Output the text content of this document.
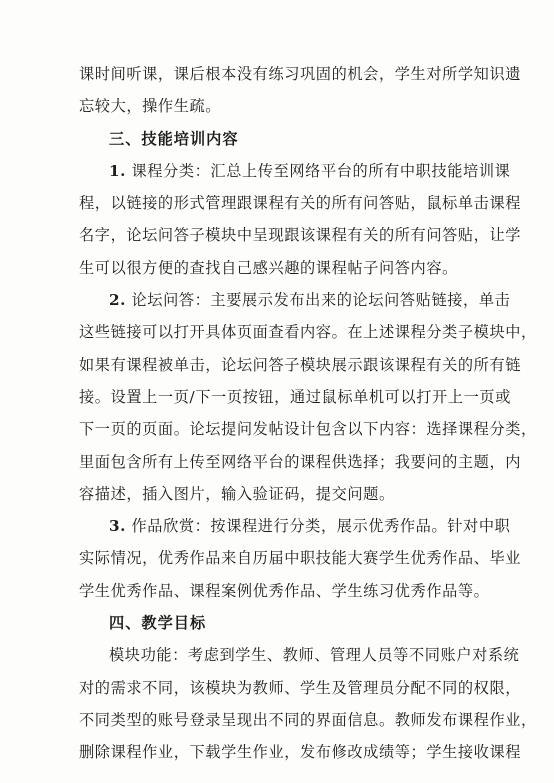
课时间听课，课后根本没有练习巩固的机会，学生对所学知识遗
忘较大，操作生疏。
三、技能培训内容
1. 课程分类：汇总上传至网络平台的所有中职技能培训课
程，以链接的形式管理跟课程有关的所有问答贴，鼠标单击课程
名字，论坛问答子模块中呈现跟该课程有关的所有问答贴，让学
生可以很方便的查找自己感兴趣的课程帖子问答内容。
2. 论坛问答：主要展示发布出来的论坛问答贴链接，单击
这些链接可以打开具体页面查看内容。在上述课程分类子模块中，
如果有课程被单击，论坛问答子模块展示跟该课程有关的所有链
接。设置上一页/下一页按钮，通过鼠标单机可以打开上一页或
下一页的页面。论坛提问发帖设计包含以下内容：选择课程分类，
里面包含所有上传至网络平台的课程供选择；我要问的主题，内
容描述，插入图片，输入验证码，提交问题。
3. 作品欣赏：按课程进行分类，展示优秀作品。针对中职
实际情况，优秀作品来自历届中职技能大赛学生优秀作品、毕业
学生优秀作品、课程案例优秀作品、学生练习优秀作品等。
四、教学目标
模块功能：考虑到学生、教师、管理人员等不同账户对系统
对的需求不同，该模块为教师、学生及管理员分配不同的权限，
不同类型的账号登录呈现出不同的界面信息。教师发布课程作业，
删除课程作业，下载学生作业，发布修改成绩等；学生接收课程
